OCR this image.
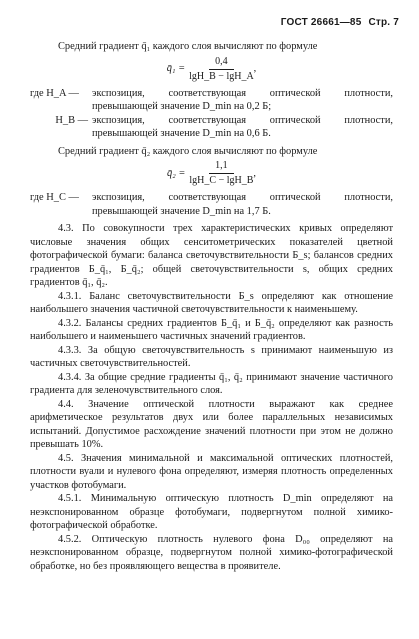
ГОСТ 26661—85 Стр. 7

Средний градиент q̄₁ каждого слоя вычисляют по формуле

q̄₁ = $\frac{0,4}{\lg H\_B - \lg H\_A}$ ,
где H_A —	экспозиция, соответствующая оптической плотности, превышающей значение D_min на 0,2 Б;
H_B — экспозиция, соответствующая оптической плотности, превышающей значение D_min на 0,6 Б.

Средний градиент q̄₂ каждого слоя вычисляют по формуле

q̄₂ = $\frac{1,1}{\lg H\_C - \lg H\_B}$ ,
где H_C —	экспозиция, соответствующая оптической плотности, превышающей значение D_min на 1,7 Б.

4.3. По совокупности трех характеристических кривых определяют числовые значения общих сенситометрических показателей цветной фотографической бумаги: баланса светочувствительности Б_s; балансов средних градиентов Б_q̄₁, Б_q̄₂; общей светочувствительности s, общих средних градиентов q̄₁, q̄₂.

4.3.1. Баланс светочувствительности Б_s определяют как отношение наибольшего значения частичной светочувствительности к наименьшему.

4.3.2. Балансы средних градиентов Б_q̄₁ и Б_q̄₂ определяют как разность наибольшего и наименьшего частичных значений градиентов.

4.3.3. За общую светочувствительность s принимают наименьшую из частичных светочувствительностей.

4.3.4. За общие средние градиенты q̄₁, q̄₂ принимают значение частичного градиента для зеленочувствительного слоя.

4.4. Значение оптической плотности выражают как среднее арифметическое результатов двух или более параллельных независимых испытаний. Допустимое расхождение значений плотности при этом не должно превышать 10%.

4.5. Значения минимальной и максимальной оптических плотностей, плотности вуали и нулевого фона определяют, измеряя плотность определенных участков фотобумаги.

4.5.1. Минимальную оптическую плотность D_min определяют на неэкспонированном образце фотобумаги, подвергнутом полной химико-фотографической обработке.

4.5.2. Оптическую плотность нулевого фона D₀₀ определяют на неэкспонированном образце, подвергнутом полной химико-фотографической обработке, но без проявляющего вещества в проявителе.
